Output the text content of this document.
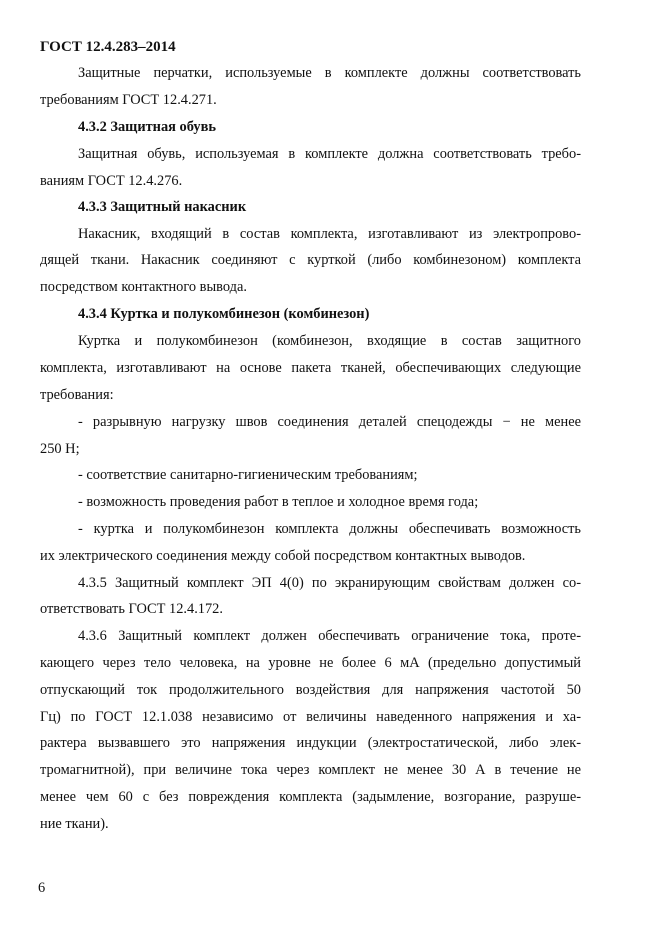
ГОСТ 12.4.283–2014
Защитные перчатки, используемые в комплекте должны соответствовать
требованиям ГОСТ 12.4.271.
4.3.2 Защитная обувь
Защитная обувь, используемая в комплекте должна соответствовать требо-
ваниям ГОСТ 12.4.276.
4.3.3 Защитный накасник
Накасник, входящий в состав комплекта, изготавливают из электропрово-
дящей ткани. Накасник соединяют с курткой (либо комбинезоном) комплекта
посредством контактного вывода.
4.3.4 Куртка и полукомбинезон (комбинезон)
Куртка и полукомбинезон (комбинезон, входящие в состав защитного
комплекта, изготавливают на основе пакета тканей, обеспечивающих следующие
требования:
- разрывную нагрузку швов соединения деталей спецодежды − не менее
250 Н;
- соответствие санитарно-гигиеническим требованиям;
- возможность проведения работ в теплое и холодное время года;
- куртка и полукомбинезон комплекта должны обеспечивать возможность
их электрического соединения между собой посредством контактных выводов.
4.3.5 Защитный комплект ЭП 4(0) по экранирующим свойствам должен со-
ответствовать ГОСТ 12.4.172.
4.3.6 Защитный комплект должен обеспечивать ограничение тока, проте-
кающего через тело человека, на уровне не более 6 мА (предельно допустимый
отпускающий ток продолжительного воздействия для напряжения частотой 50
Гц) по ГОСТ 12.1.038 независимо от величины наведенного напряжения и ха-
рактера вызвавшего это напряжения индукции (электростатической, либо элек-
тромагнитной), при величине тока через комплект не менее 30 А в течение не
менее чем 60 с без повреждения комплекта (задымление, возгорание, разруше-
ние ткани).
6
